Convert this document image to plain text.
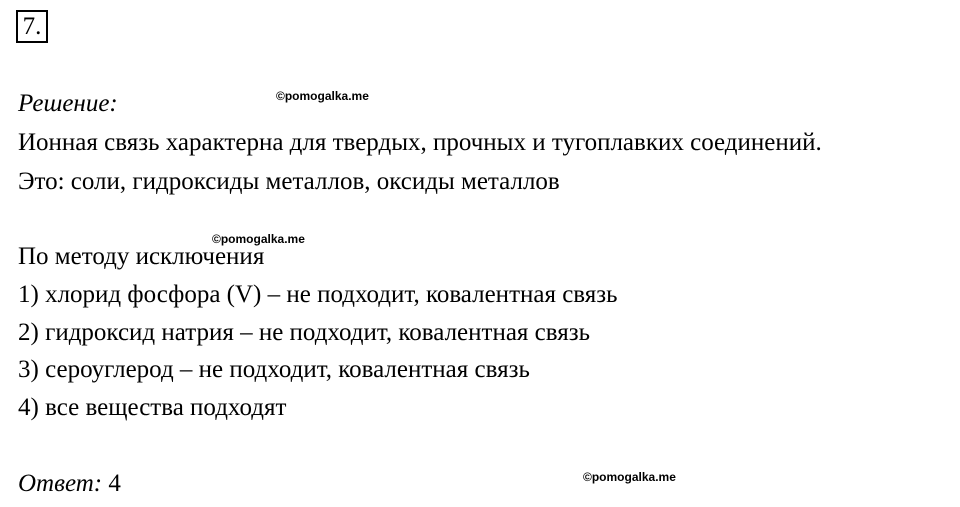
7.
Решение:	©pomogalka.me
Ионная связь характерна для твердых, прочных и тугоплавких соединений.
Это: соли, гидроксиды металлов, оксиды металлов
©pomogalka.me
По методу исключения
1) хлорид фосфора (V) – не подходит, ковалентная связь
2) гидроксид натрия – не подходит, ковалентная связь
3) сероуглерод – не подходит, ковалентная связь
4) все вещества подходят
Ответ: 4	©pomogalka.me
